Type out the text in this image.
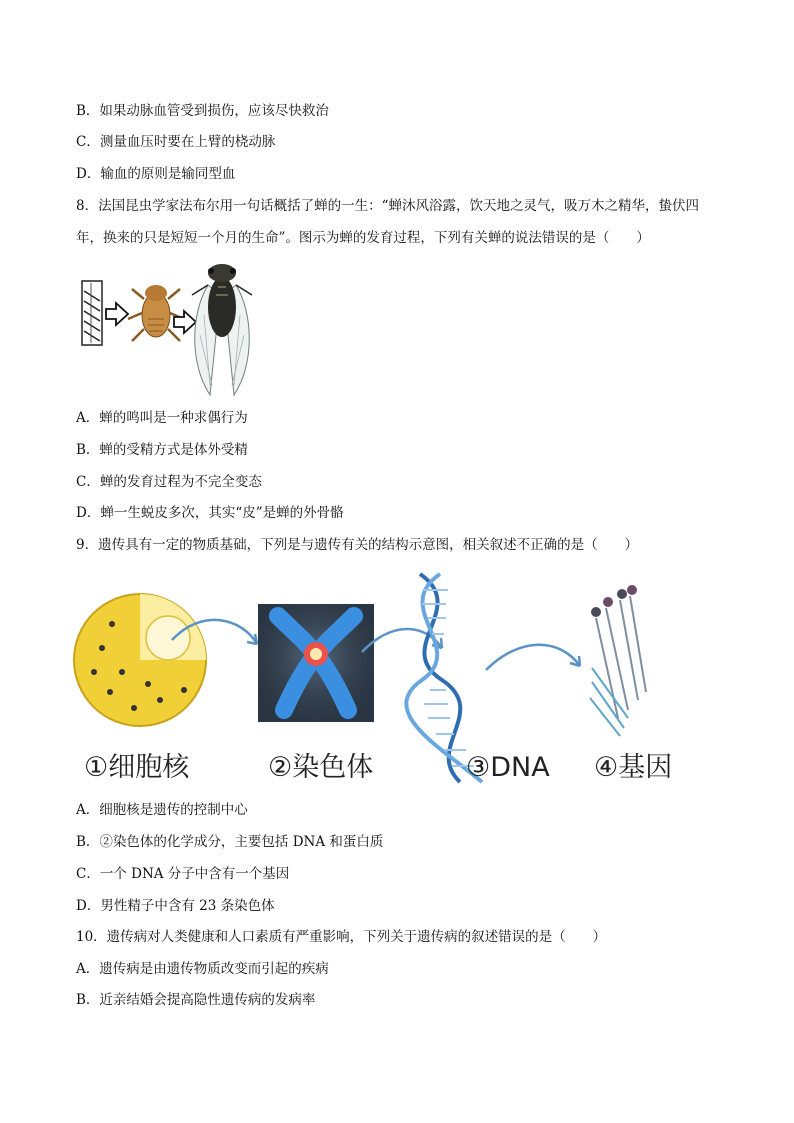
B．如果动脉血管受到损伤，应该尽快救治
C．测量血压时要在上臂的桡动脉
D．输血的原则是输同型血
8．法国昆虫学家法布尔用一句话概括了蝉的一生：“蝉沐风浴露，饮天地之灵气，吸万木之精华，蛰伏四
年，换来的只是短短一个月的生命”。图示为蝉的发育过程，下列有关蝉的说法错误的是（　　）
A．蝉的鸣叫是一种求偶行为
B．蝉的受精方式是体外受精
C．蝉的发育过程为不完全变态
D．蝉一生蜕皮多次，其实“皮”是蝉的外骨骼
9．遗传具有一定的物质基础，下列是与遗传有关的结构示意图，相关叙述不正确的是（　　）
①细胞核	②染色体	③DNA ④基因
A．细胞核是遗传的控制中心
B．②染色体的化学成分，主要包括 DNA 和蛋白质
C．一个 DNA 分子中含有一个基因
D．男性精子中含有 23 条染色体
10．遗传病对人类健康和人口素质有严重影响，下列关于遗传病的叙述错误的是（　　）
A．遗传病是由遗传物质改变而引起的疾病
B．近亲结婚会提高隐性遗传病的发病率
